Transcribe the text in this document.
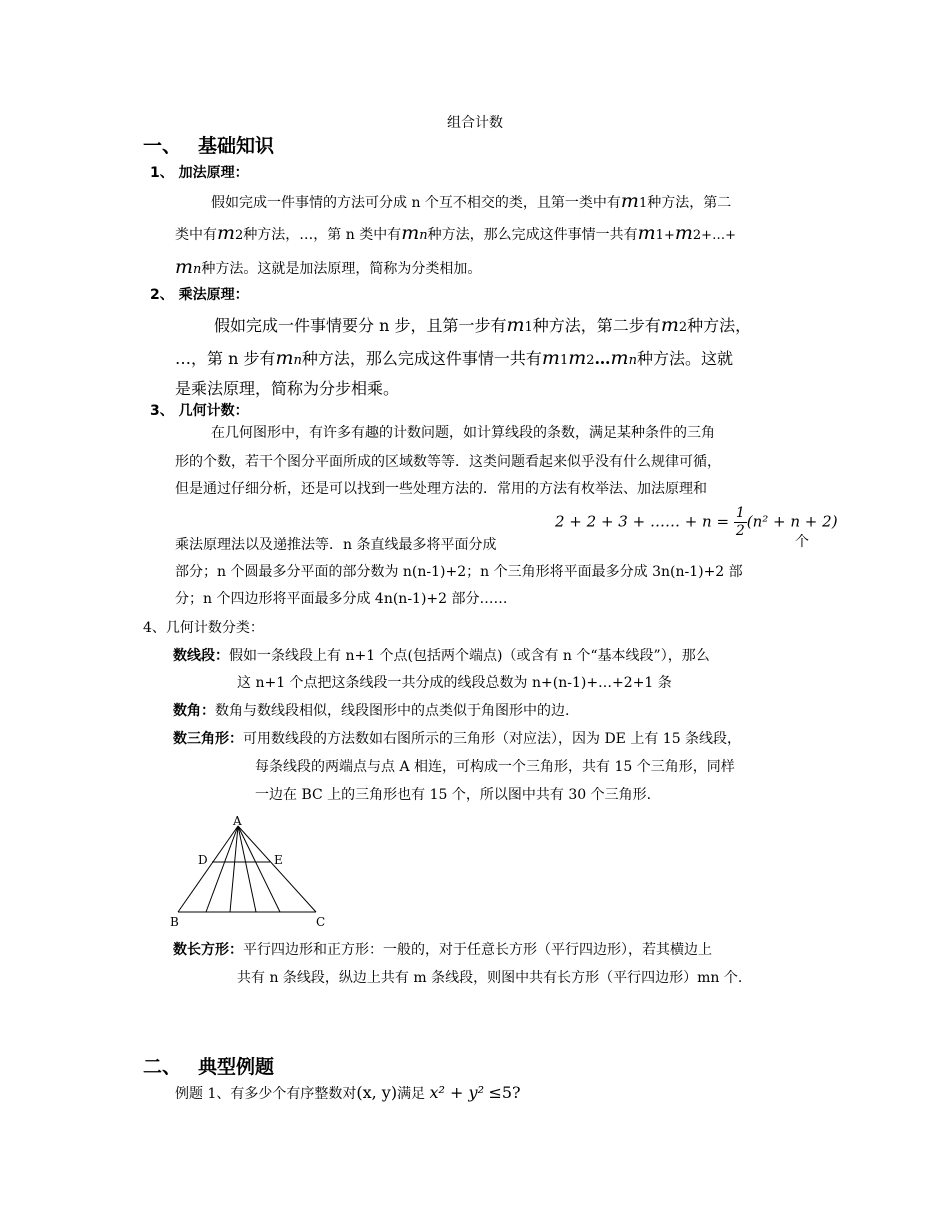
组合计数
一、 基础知识
1、 加法原理：
假如完成一件事情的方法可分成 n 个互不相交的类，且第一类中有m1种方法，第二
类中有m2种方法，…，第 n 类中有mn种方法，那么完成这件事情一共有m1+m2+…+
mn种方法。这就是加法原理，简称为分类相加。
2、 乘法原理：
假如完成一件事情要分 n 步，且第一步有m1种方法，第二步有m2种方法，
…，第 n 步有mn种方法，那么完成这件事情一共有m1m2…mn种方法。这就
是乘法原理，简称为分步相乘。
3、 几何计数：
在几何图形中，有许多有趣的计数问题，如计算线段的条数，满足某种条件的三角
形的个数，若干个图分平面所成的区域数等等．这类问题看起来似乎没有什么规律可循，
但是通过仔细分析，还是可以找到一些处理方法的．常用的方法有枚举法、加法原理和
乘法原理法以及递推法等．n 条直线最多将平面分成
2 + 2 + 3 + …… + $n = \frac{1}{2} (n^2 + n + 2)$
个
部分；n 个圆最多分平面的部分数为 n(n-1)+2；n 个三角形将平面最多分成 3n(n-1)+2 部
分；n 个四边形将平面最多分成 4n(n-1)+2 部分……
4、几何计数分类：
数线段：假如一条线段上有 n+1 个点(包括两个端点)（或含有 n 个“基本线段”），那么
这 n+1 个点把这条线段一共分成的线段总数为 n+(n-1)+…+2+1 条
数角：数角与数线段相似，线段图形中的点类似于角图形中的边.
数三角形：可用数线段的方法数如右图所示的三角形（对应法），因为 DE 上有 15 条线段，
每条线段的两端点与点 A 相连，可构成一个三角形，共有 15 个三角形，同样
一边在 BC 上的三角形也有 15 个，所以图中共有 30 个三角形.
A
D	E
B	C
数长方形：平行四边形和正方形：一般的，对于任意长方形（平行四边形），若其横边上
共有 n 条线段，纵边上共有 m 条线段，则图中共有长方形（平行四边形）mn 个.
二、 典型例题
例题 1、有多少个有序整数对(x, y)满足 x² + y² ≤5?
